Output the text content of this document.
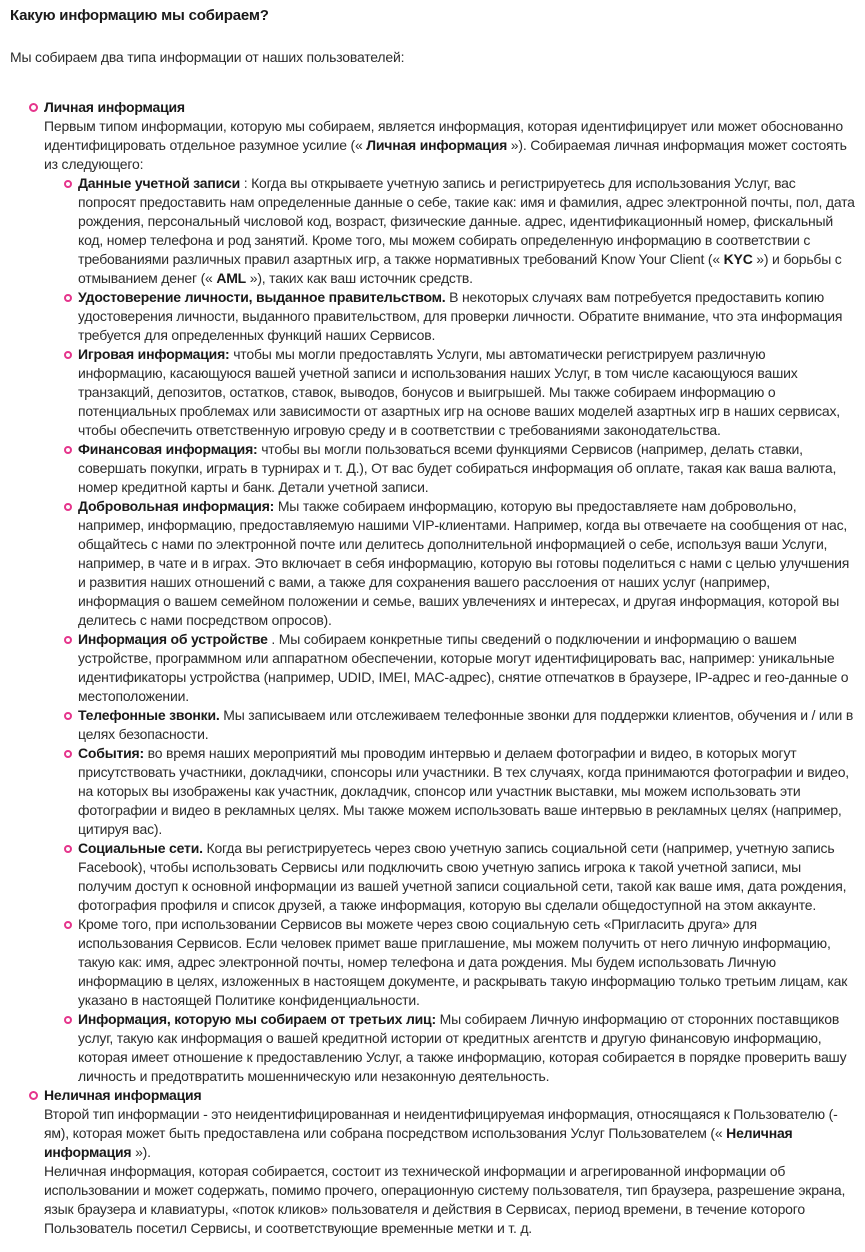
Какую информацию мы собираем?

Мы собираем два типа информации от наших пользователей:

Личная информация
Первым типом информации, которую мы собираем, является информация, которая идентифицирует или может обоснованно идентифицировать отдельное разумное усилие (« Личная информация »). Собираемая личная информация может состоять из следующего:
Данные учетной записи : Когда вы открываете учетную запись и регистрируетесь для использования Услуг, вас попросят предоставить нам определенные данные о себе, такие как: имя и фамилия, адрес электронной почты, пол, дата рождения, персональный числовой код, возраст, физические данные. адрес, идентификационный номер, фискальный код, номер телефона и род занятий. Кроме того, мы можем собирать определенную информацию в соответствии с требованиями различных правил азартных игр, а также нормативных требований Know Your Client (« KYC ») и борьбы с отмыванием денег (« AML »), таких как ваш источник средств.
Удостоверение личности, выданное правительством. В некоторых случаях вам потребуется предоставить копию удостоверения личности, выданного правительством, для проверки личности. Обратите внимание, что эта информация требуется для определенных функций наших Сервисов.
Игровая информация: чтобы мы могли предоставлять Услуги, мы автоматически регистрируем различную информацию, касающуюся вашей учетной записи и использования наших Услуг, в том числе касающуюся ваших транзакций, депозитов, остатков, ставок, выводов, бонусов и выигрышей. Мы также собираем информацию о потенциальных проблемах или зависимости от азартных игр на основе ваших моделей азартных игр в наших сервисах, чтобы обеспечить ответственную игровую среду и в соответствии с требованиями законодательства.
Финансовая информация: чтобы вы могли пользоваться всеми функциями Сервисов (например, делать ставки, совершать покупки, играть в турнирах и т. Д.), От вас будет собираться информация об оплате, такая как ваша валюта, номер кредитной карты и банк. Детали учетной записи.
Добровольная информация: Мы также собираем информацию, которую вы предоставляете нам добровольно, например, информацию, предоставляемую нашими VIP-клиентами. Например, когда вы отвечаете на сообщения от нас, общайтесь с нами по электронной почте или делитесь дополнительной информацией о себе, используя ваши Услуги, например, в чате и в играх. Это включает в себя информацию, которую вы готовы поделиться с нами с целью улучшения и развития наших отношений с вами, а также для сохранения вашего расслоения от наших услуг (например, информация о вашем семейном положении и семье, ваших увлечениях и интересах, и другая информация, которой вы делитесь с нами посредством опросов).
Информация об устройстве . Мы собираем конкретные типы сведений о подключении и информацию о вашем устройстве, программном или аппаратном обеспечении, которые могут идентифицировать вас, например: уникальные идентификаторы устройства (например, UDID, IMEI, MAC-адрес), снятие отпечатков в браузере, IP-адрес и гео-данные о местоположении.
Телефонные звонки. Мы записываем или отслеживаем телефонные звонки для поддержки клиентов, обучения и / или в целях безопасности.
События: во время наших мероприятий мы проводим интервью и делаем фотографии и видео, в которых могут присутствовать участники, докладчики, спонсоры или участники. В тех случаях, когда принимаются фотографии и видео, на которых вы изображены как участник, докладчик, спонсор или участник выставки, мы можем использовать эти фотографии и видео в рекламных целях. Мы также можем использовать ваше интервью в рекламных целях (например, цитируя вас).
Социальные сети. Когда вы регистрируетесь через свою учетную запись социальной сети (например, учетную запись Facebook), чтобы использовать Сервисы или подключить свою учетную запись игрока к такой учетной записи, мы получим доступ к основной информации из вашей учетной записи социальной сети, такой как ваше имя, дата рождения, фотография профиля и список друзей, а также информация, которую вы сделали общедоступной на этом аккаунте.
Кроме того, при использовании Сервисов вы можете через свою социальную сеть «Пригласить друга» для использования Сервисов. Если человек примет ваше приглашение, мы можем получить от него личную информацию, такую как: имя, адрес электронной почты, номер телефона и дата рождения. Мы будем использовать Личную информацию в целях, изложенных в настоящем документе, и раскрывать такую информацию только третьим лицам, как указано в настоящей Политике конфиденциальности.
Информация, которую мы собираем от третьих лиц: Мы собираем Личную информацию от сторонних поставщиков услуг, такую как информация о вашей кредитной истории от кредитных агентств и другую финансовую информацию, которая имеет отношение к предоставлению Услуг, а также информацию, которая собирается в порядке проверить вашу личность и предотвратить мошенническую или незаконную деятельность.
Неличная информация
Второй тип информации - это неидентифицированная и неидентифицируемая информация, относящаяся к Пользователю (-ям), которая может быть предоставлена или собрана посредством использования Услуг Пользователем (« Неличная информация »).
Неличная информация, которая собирается, состоит из технической информации и агрегированной информации об использовании и может содержать, помимо прочего, операционную систему пользователя, тип браузера, разрешение экрана, язык браузера и клавиатуры, «поток кликов» пользователя и действия в Сервисах, период времени, в течение которого Пользователь посетил Сервисы, и соответствующие временные метки и т. д.
